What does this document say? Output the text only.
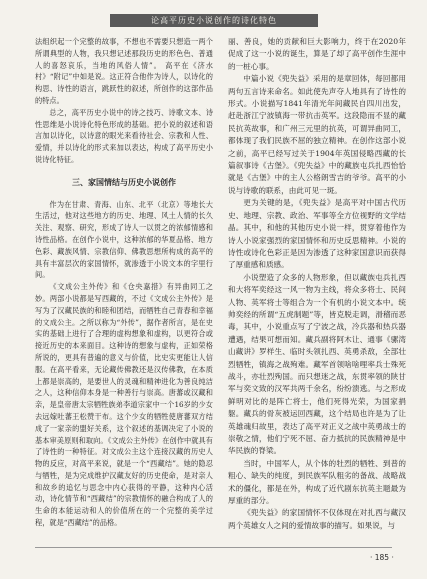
论高平历史小说创作的诗化特色

法组织起一个完整的故事，不想也不需要只想造一两个所谓典型的人物，我只想记述那段历史的形色色、普通人的喜怒哀乐，当地的风俗人情”。 高平在《济水村》“附记”中如是说。这正符合他作为诗人，以诗化的构思、诗性的语言，跳跃性的叙述，所创作的这部作品的特点。

总之，高平历史小说中的诗之技巧、诗歌文本、诗性思维是小说诗化特色形成的基础。把小说的叙述和语言加以诗化，以诗意的眼光来看待社会、宗教和人性、爱情，并以诗化的形式来加以表达，构成了高平历史小说诗化特征。

三、家国情结与历史小说创作

作为在甘肃、青海、山东、北平（北京）等地长大生活过，他对这些地方的历史、地理、风土人情的长久关注、观察、研究，形成了诗人一以贯之的浓郁情感和诗性品格。在创作小说中，这种浓郁的华夏品格、地方色彩、藏族风情、宗教信仰、佛教思想所构成的高平的具有丰富层次的家国情怀，就渗透于小说文本的字里行间。

《文成公主外传》和《仓央嘉措》有异曲同工之妙。两部小说都是写西藏的，不过《文成公主外传》是写为了汉藏民族的和睦和团结，而牺牲自己青春和幸福的文成公主。之所以称为“外传”，据作者所言，是在史实的基础上进行了合理的虚构想象和虚构，以更符合或接近历史的本来面目。这种诗的想象与虚构，正如荣格所说的，更具有普遍的意义与价值，比史实更能让人信服。在高平看来，无论藏传佛教还是汉传佛教，在本质上都是崇高的，是要世人的灵魂和精神进化为善良纯洁之人，这种信仰本身是一种善行与崇高。唐蕃或汉藏和亲，是皇帝唐太宗牺牲族弟李道宗家中一个16岁的少女去远嫁吐蕃王松赞干布。这个少女的牺牲使唐蕃双方结成了一家亲的盟好关系，这个叙述的基调决定了小说的基本审美原则和取向。《文成公主外传》在创作中就具有了诗性的一种特征。对文成公主这个连接汉藏的历史人物的反应，对高平来说，就是一个“西藏结”。她的隐忍与牺牲，是为完成维护汉藏友好的历史使命，是对亲人和故乡的追忆与思念中内心获得的平静，这种内心活动，诗化情节和“西藏结”的宗教情怀的融合构成了人的生命的本能运动和人的价值所在的一个完整的美学过程，就是“西藏结”的品格。

丽、善良，她的贡献和巨大影响力，终于在2020年促成了这一小说的诞生，算是了却了高平创作生涯中的一桩心事。

中篇小说《兜失益》采用的是章回体，每回都用两句五言诗来命名。如此使先声夺人地具有了诗性的形式。小说描写1841年清光年间藏民自四川出发，赶赴浙江宁波镇海一带抗击英军。这段隐而不显的藏民抗英故事，和广州三元里的抗英，可谓异曲同工，都体现了我们民族不屈的独立精神。在创作这部小说之前，高平已经写过关于1904年英国侵略西藏的长篇叙事诗《古堡》。《兜失益》中的藏族屯兵扎西怡恰就是《古堡》中的主人公格朗雪吉的爷爷。高平的小说与诗歌的联系，由此可见一斑。

更为关键的是，《兜失益》是高平对中国古代历史、地理、宗教、政治、军事等全方位视野的文学结晶。其中，和他的其他历史小说一样，贯穿着他作为诗人小说家强烈的家国情怀和历史反思精神。小说的诗性或诗化色彩正是因为渗透了这种家国意识而获得了厚重感和质感。

小说塑造了众多的人物形象，但以藏族屯兵扎西和大将军奕经这一风一物为主线，将众多将士、民间人物、英军将士等组合为一个有机的小说文本中。统帅奕经的所谓“五虎制题”等，皆克脱走调，滑稽而恶毒，其中，小说重点写了宁波之战，冷兵器和热兵器遭遇，结果可想而知。藏兵副将阿木让、通事《骡湾山藏讲》罗样生、临时头领扎西、英勇杀敌，全部壮烈牺牲，镇海之战殉难。藏军首领啥啥哩率兵士殊死战斗，亦壮烈殉国。而只想迷之战，东贯率领的陕甘军与奕文致的汉军共两千余名，纷纷溃逃。与之形成鲜明对比的是阵亡将士，他们死得光荣，为国家捐躯。藏兵的骨灰被运回西藏，这个结局也许是为了让英雄魂归故里，表达了高平对正义之战中英勇战士的崇敬之情，他们宁死不屈、奋力抵抗的民族精神是中华民族的脊梁。

当时，中国军人，从个体的牡烈的牺牲、到普的粗心、缺失的纯度，到民族军队粗劣的备战、战略战术的僵化，都是在外，构成了近代剧东抗英主题最为厚重的部分。

《兜失益》的家国情怀不仅体现在对扎西与藏汉两个英雄女人之间的爱情故事的描写。如果说，与

· 185 ·
